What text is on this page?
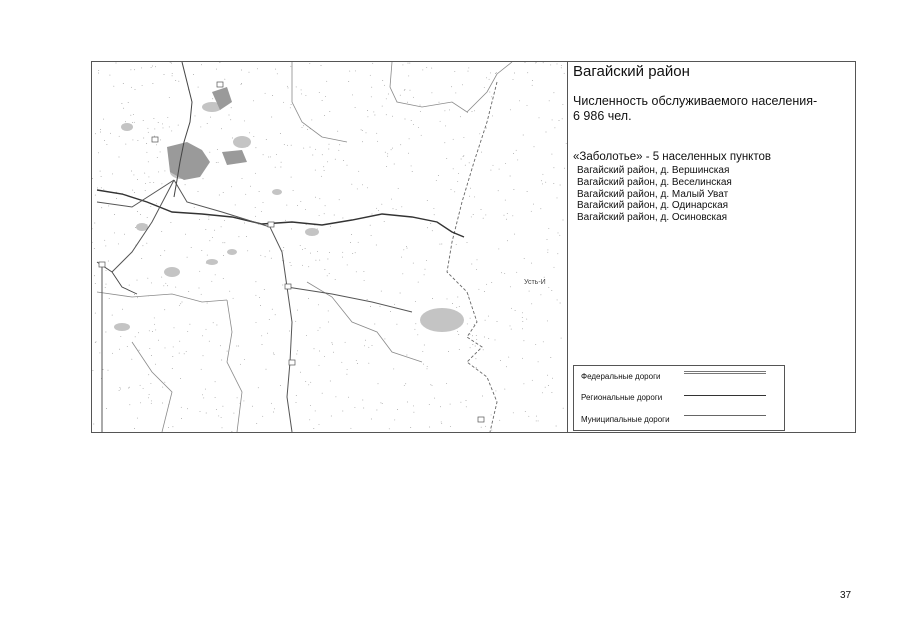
Усть-И
Вагайский район
Численность обслуживаемого населения-
6 986 чел.
«Заболотье» - 5 населенных пунктов
Вагайский район, д. Вершинская
Вагайский район, д. Веселинская
Вагайский район, д. Малый Уват
Вагайский район, д. Одинарская
Вагайский район, д. Осиновская
Федеральные дороги
Региональные дороги
Муниципальные дороги
37
